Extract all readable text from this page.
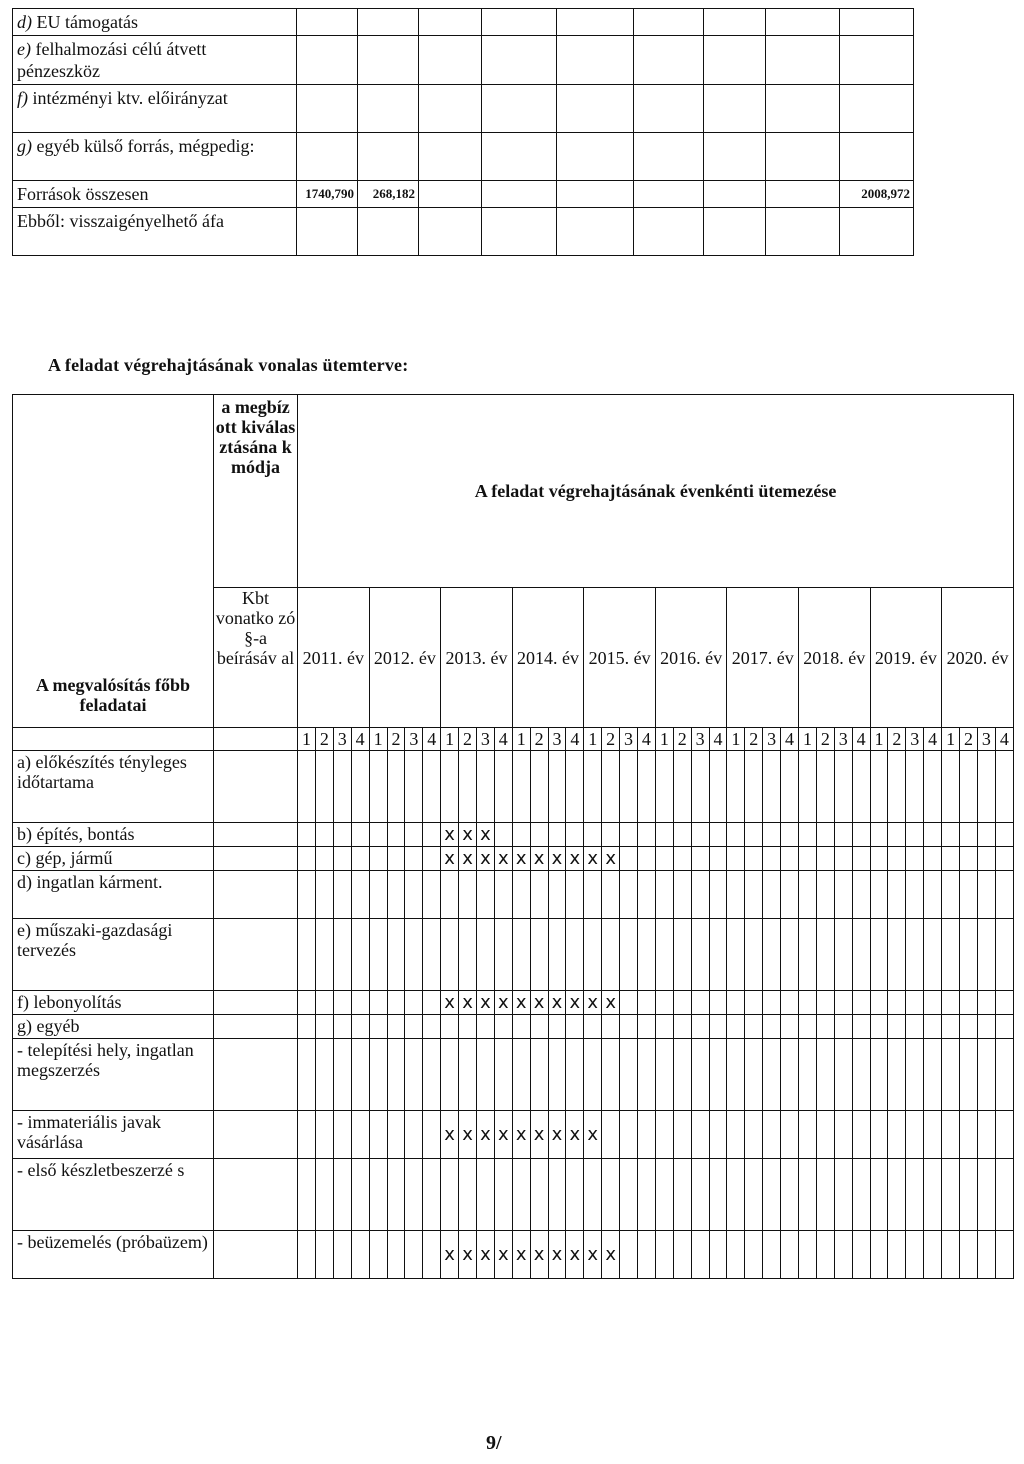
d) EU támogatás									
e) felhalmozási célú átvett pénzeszköz									
f) intézményi ktv. előirányzat									
g) egyéb külső forrás, mégpedig:									
Források összesen	1740,790	268,182							2008,972
Ebből: visszaigényelhető áfa									
A feladat végrehajtásának vonalas ütemterve:
A megvalósítás főbb feladatai	a megbíz ott kiválas ztásána k módja	A feladat végrehajtásának évenkénti ütemezése																																							
	Kbt vonatko zó §-a beírásáv al	2011. év				2012. év				2013. év				2014. év				2015. év				2016. év				2017. év				2018. év				2019. év				2020. év			
		1	2	3	4	1	2	3	4	1	2	3	4	1	2	3	4	1	2	3	4	1	2	3	4	1	2	3	4	1	2	3	4	1	2	3	4	1	2	3	4
a) előkészítés tényleges időtartama																																									
b) építés, bontás										x	x	x																													
c) gép, jármű										x	x	x	x	x	x	x	x	x	x																						
d) ingatlan kárment.																																									
e) műszaki-gazdasági tervezés																																									
f) lebonyolítás										x	x	x	x	x	x	x	x	x	x																						
g) egyéb																																									
- telepítési hely, ingatlan megszerzés																																									
- immateriális javak vásárlása										x	x	x	x	x	x	x	x	x																							
- első készletbeszerzé s																																									
- beüzemelés (próbaüzem)										x	x	x	x	x	x	x	x	x	x																						
9/
